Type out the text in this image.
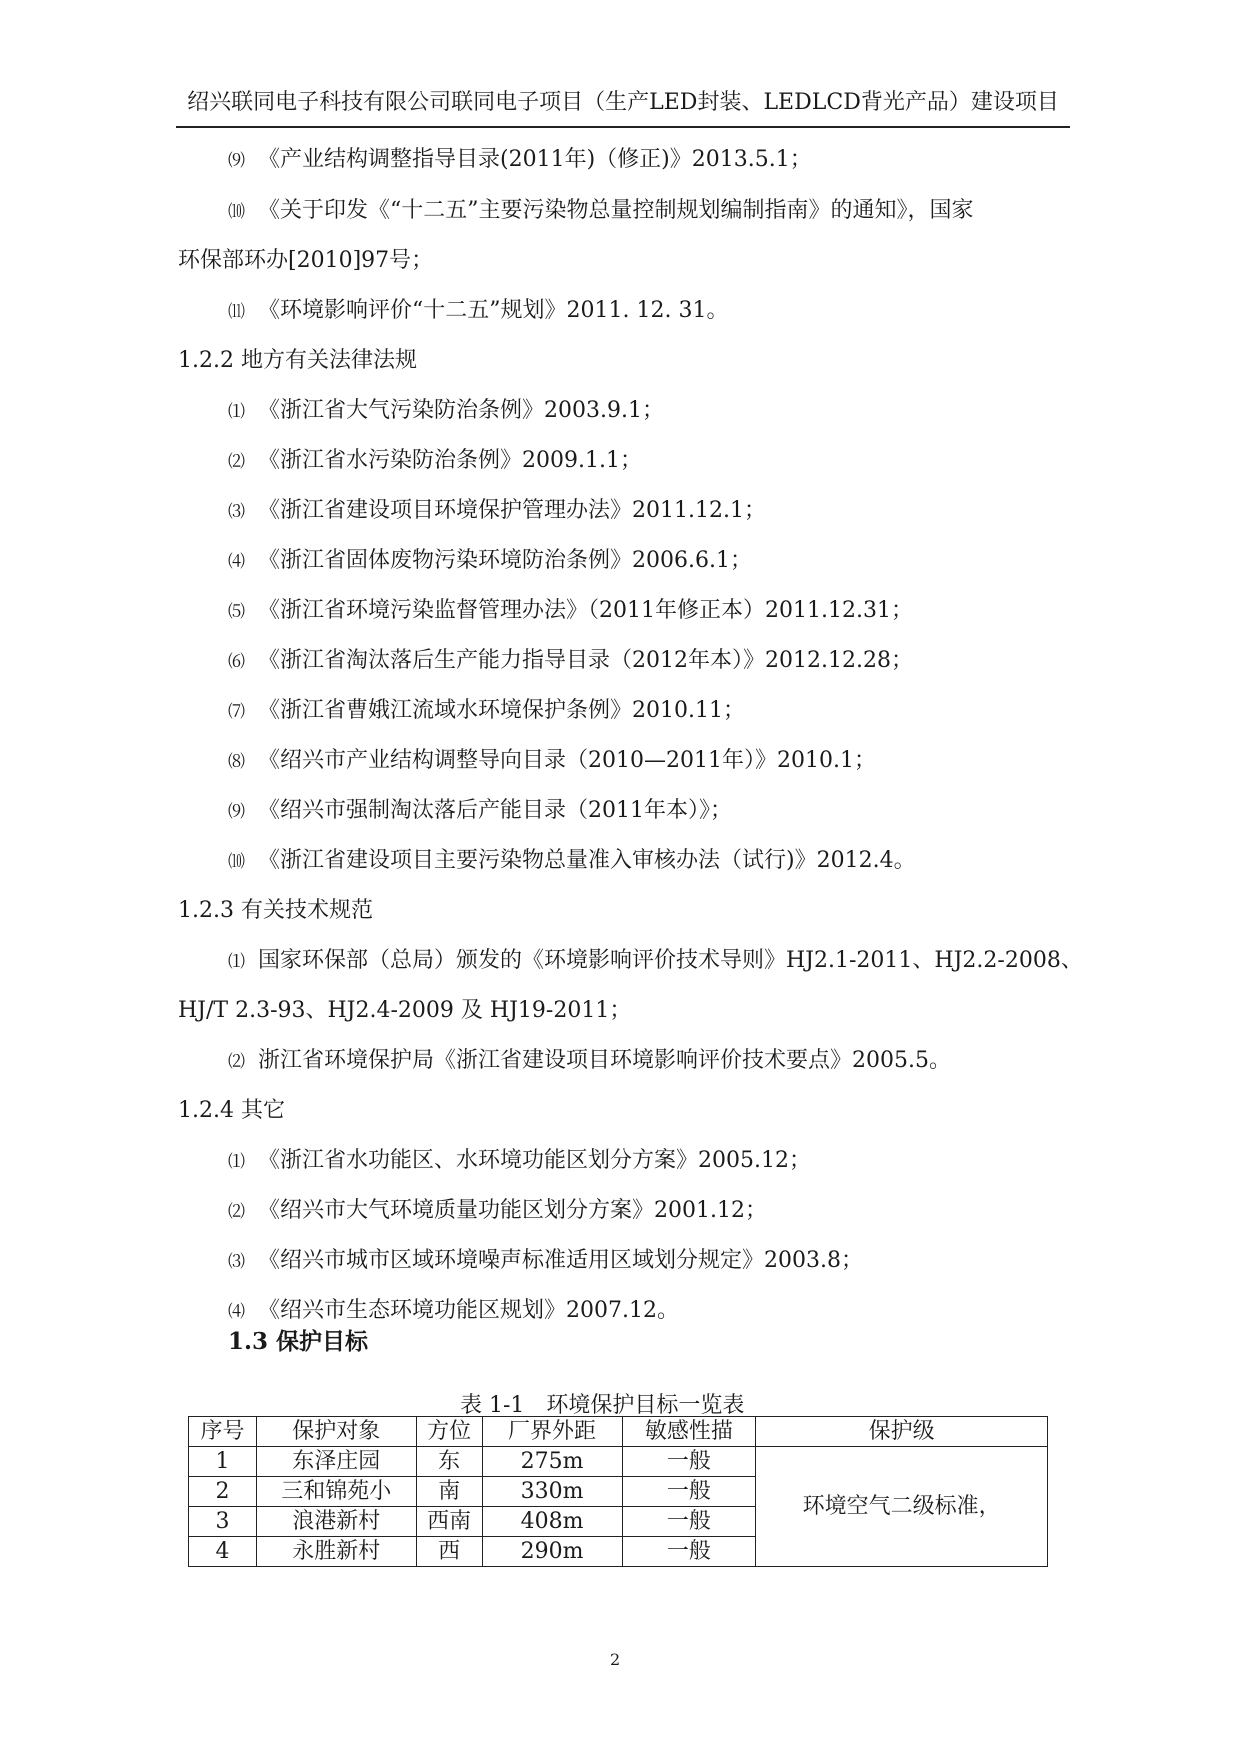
绍兴联同电子科技有限公司联同电子项目（生产LED封装、LEDLCD背光产品）建设项目
⑼ 《产业结构调整指导目录(2011年)（修正)》2013.5.1；
⑽ 《关于印发《“十二五”主要污染物总量控制规划编制指南》的通知》，国家
环保部环办[2010]97号；
⑾ 《环境影响评价“十二五”规划》2011. 12. 31。
1.2.2 地方有关法律法规
⑴ 《浙江省大气污染防治条例》2003.9.1；
⑵ 《浙江省水污染防治条例》2009.1.1；
⑶ 《浙江省建设项目环境保护管理办法》2011.12.1；
⑷ 《浙江省固体废物污染环境防治条例》2006.6.1；
⑸ 《浙江省环境污染监督管理办法》（2011年修正本）2011.12.31；
⑹ 《浙江省淘汰落后生产能力指导目录（2012年本）》2012.12.28；
⑺ 《浙江省曹娥江流域水环境保护条例》2010.11；
⑻ 《绍兴市产业结构调整导向目录（2010—2011年）》2010.1；
⑼ 《绍兴市强制淘汰落后产能目录（2011年本）》；
⑽ 《浙江省建设项目主要污染物总量准入审核办法（试行)》2012.4。
1.2.3 有关技术规范
⑴ 国家环保部（总局）颁发的《环境影响评价技术导则》HJ2.1-2011、HJ2.2-2008、
HJ/T 2.3-93、HJ2.4-2009 及 HJ19-2011；
⑵ 浙江省环境保护局《浙江省建设项目环境影响评价技术要点》2005.5。
1.2.4 其它
⑴ 《浙江省水功能区、水环境功能区划分方案》2005.12；
⑵ 《绍兴市大气环境质量功能区划分方案》2001.12；
⑶ 《绍兴市城市区域环境噪声标准适用区域划分规定》2003.8；
⑷ 《绍兴市生态环境功能区规划》2007.12。
1.3 保护目标
表 1-1　环境保护目标一览表
序号	保护对象	方位	厂界外距	敏感性描	保护级
1	东泽庄园	东	275m	一般	环境空气二级标准，
2	三和锦苑小	南	330m	一般	
3	浪港新村	西南	408m	一般	
4	永胜新村	西	290m	一般	
2
